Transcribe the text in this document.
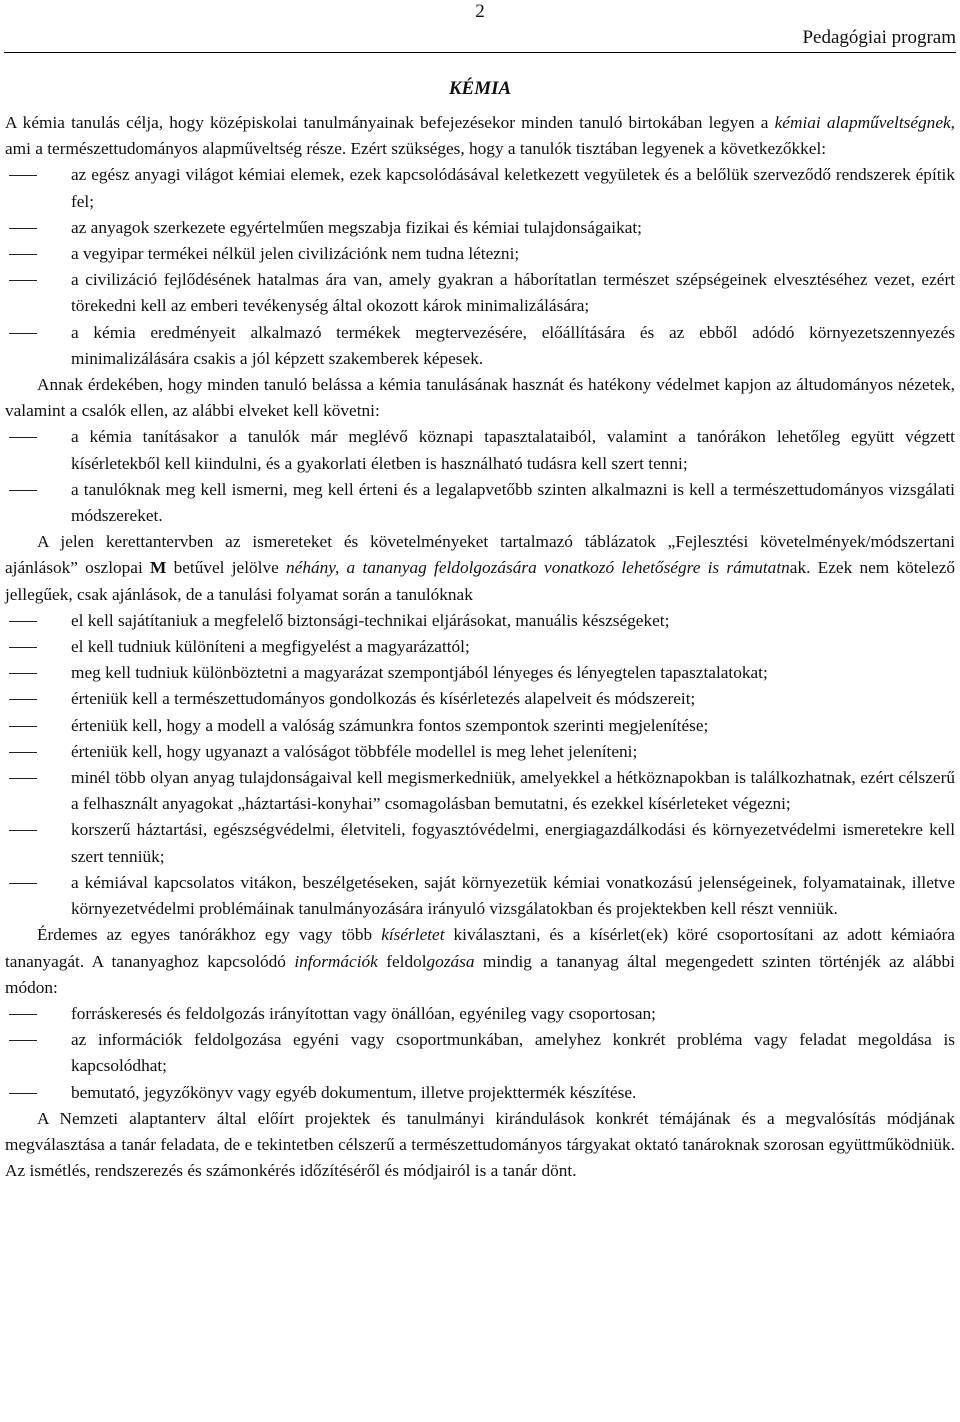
2
Pedagógiai program
KÉMIA

A kémia tanulás célja, hogy középiskolai tanulmányainak befejezésekor minden tanuló birtokában legyen a kémiai alapműveltségnek, ami a természettudományos alapműveltség része. Ezért szükséges, hogy a tanulók tisztában legyenek a következőkkel:

az egész anyagi világot kémiai elemek, ezek kapcsolódásával keletkezett vegyületek és a belőlük szerveződő rendszerek építik fel;
az anyagok szerkezete egyértelműen megszabja fizikai és kémiai tulajdonságaikat;
a vegyipar termékei nélkül jelen civilizációnk nem tudna létezni;
a civilizáció fejlődésének hatalmas ára van, amely gyakran a háborítatlan természet szépségeinek elvesztéséhez vezet, ezért törekedni kell az emberi tevékenység által okozott károk minimalizálására;
a kémia eredményeit alkalmazó termékek megtervezésére, előállítására és az ebből adódó környezetszennyezés minimalizálására csakis a jól képzett szakemberek képesek.

Annak érdekében, hogy minden tanuló belássa a kémia tanulásának hasznát és hatékony védelmet kapjon az áltudományos nézetek, valamint a csalók ellen, az alábbi elveket kell követni:

a kémia tanításakor a tanulók már meglévő köznapi tapasztalataiból, valamint a tanórákon lehetőleg együtt végzett kísérletekből kell kiindulni, és a gyakorlati életben is használható tudásra kell szert tenni;
a tanulóknak meg kell ismerni, meg kell érteni és a legalapvetőbb szinten alkalmazni is kell a természettudományos vizsgálati módszereket.

A jelen kerettantervben az ismereteket és követelményeket tartalmazó táblázatok „Fejlesztési követelmények/módszertani ajánlások” oszlopai M betűvel jelölve néhány, a tananyag feldolgozására vonatkozó lehetőségre is rámutatnak. Ezek nem kötelező jellegűek, csak ajánlások, de a tanulási folyamat során a tanulóknak

el kell sajátítaniuk a megfelelő biztonsági-technikai eljárásokat, manuális készségeket;
el kell tudniuk különíteni a megfigyelést a magyarázattól;
meg kell tudniuk különböztetni a magyarázat szempontjából lényeges és lényegtelen tapasztalatokat;
érteniük kell a természettudományos gondolkozás és kísérletezés alapelveit és módszereit;
érteniük kell, hogy a modell a valóság számunkra fontos szempontok szerinti megjelenítése;
érteniük kell, hogy ugyanazt a valóságot többféle modellel is meg lehet jeleníteni;
minél több olyan anyag tulajdonságaival kell megismerkedniük, amelyekkel a hétköznapokban is találkozhatnak, ezért célszerű a felhasznált anyagokat „háztartási-konyhai” csomagolásban bemutatni, és ezekkel kísérleteket végezni;
korszerű háztartási, egészségvédelmi, életviteli, fogyasztóvédelmi, energiagazdálkodási és környezetvédelmi ismeretekre kell szert tenniük;
a kémiával kapcsolatos vitákon, beszélgetéseken, saját környezetük kémiai vonatkozású jelenségeinek, folyamatainak, illetve környezetvédelmi problémáinak tanulmányozására irányuló vizsgálatokban és projektekben kell részt venniük.

Érdemes az egyes tanórákhoz egy vagy több kísérletet kiválasztani, és a kísérlet(ek) köré csoportosítani az adott kémiaóra tananyagát. A tananyaghoz kapcsolódó információk feldolgozása mindig a tananyag által megengedett szinten történjék az alábbi módon:

forráskeresés és feldolgozás irányítottan vagy önállóan, egyénileg vagy csoportosan;
az információk feldolgozása egyéni vagy csoportmunkában, amelyhez konkrét probléma vagy feladat megoldása is kapcsolódhat;
bemutató, jegyzőkönyv vagy egyéb dokumentum, illetve projekttermék készítése.

A Nemzeti alaptanterv által előírt projektek és tanulmányi kirándulások konkrét témájának és a megvalósítás módjának megválasztása a tanár feladata, de e tekintetben célszerű a természettudományos tárgyakat oktató tanároknak szorosan együttműködniük. Az ismétlés, rendszerezés és számonkérés időzítéséről és módjairól is a tanár dönt.
